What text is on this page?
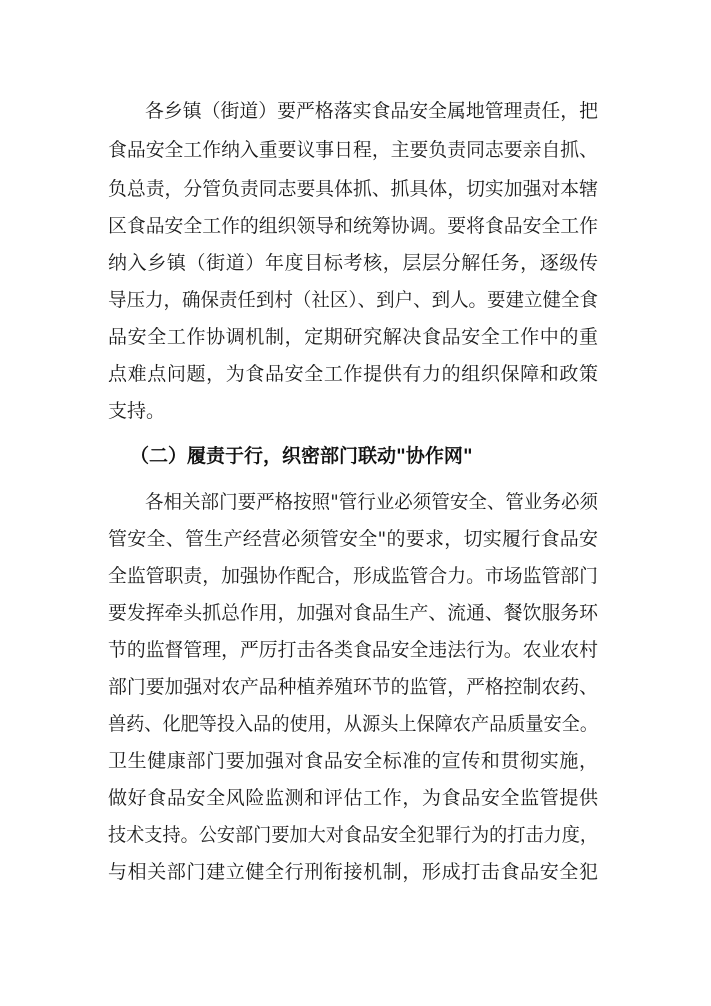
各乡镇（街道）要严格落实食品安全属地管理责任，把
食品安全工作纳入重要议事日程，主要负责同志要亲自抓、
负总责，分管负责同志要具体抓、抓具体，切实加强对本辖
区食品安全工作的组织领导和统筹协调。要将食品安全工作
纳入乡镇（街道）年度目标考核，层层分解任务，逐级传
导压力，确保责任到村（社区）、到户、到人。要建立健全食
品安全工作协调机制，定期研究解决食品安全工作中的重
点难点问题，为食品安全工作提供有力的组织保障和政策
支持。
（二）履责于行，织密部门联动"协作网"
各相关部门要严格按照"管行业必须管安全、管业务必须
管安全、管生产经营必须管安全"的要求，切实履行食品安
全监管职责，加强协作配合，形成监管合力。市场监管部门
要发挥牵头抓总作用，加强对食品生产、流通、餐饮服务环
节的监督管理，严厉打击各类食品安全违法行为。农业农村
部门要加强对农产品种植养殖环节的监管，严格控制农药、
兽药、化肥等投入品的使用，从源头上保障农产品质量安全。
卫生健康部门要加强对食品安全标准的宣传和贯彻实施，
做好食品安全风险监测和评估工作，为食品安全监管提供
技术支持。公安部门要加大对食品安全犯罪行为的打击力度，
与相关部门建立健全行刑衔接机制，形成打击食品安全犯
